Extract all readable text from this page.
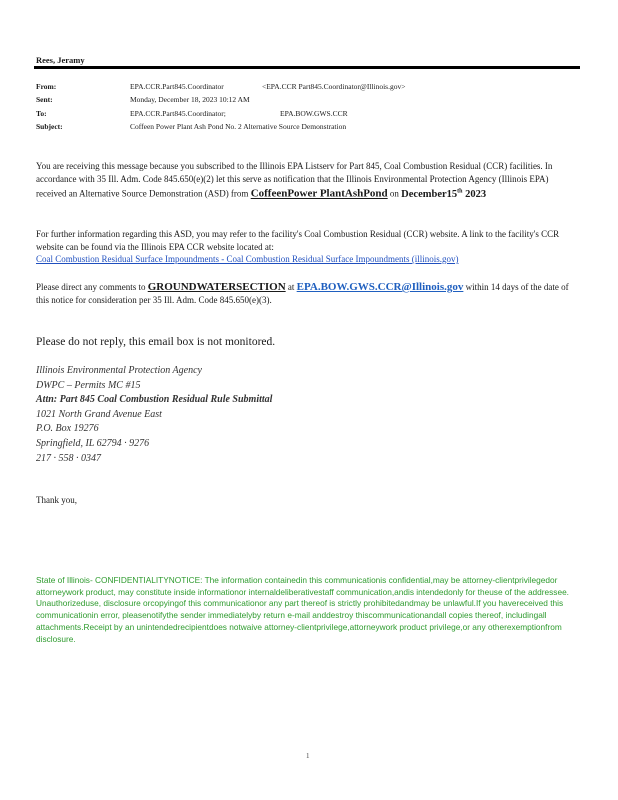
Rees, Jeramy
From:	EPA.CCR.Part845.Coordinator	<EPA.CCR Part845.Coordinator@Illinois.gov>
Sent:	Monday, December 18, 2023 10:12 AM
To:	EPA.CCR.Part845.Coordinator;	EPA.BOW.GWS.CCR
Subject:	Coffeen Power Plant Ash Pond No. 2 Alternative Source Demonstration
You are receiving this message because you subscribed to the Illinois EPA Listserv for Part 845, Coal Combustion Residual (CCR) facilities. In accordance with 35 Ill. Adm. Code 845.650(e)(2) let this serve as notification that the Illinois Environmental Protection Agency (Illinois EPA) received an Alternative Source Demonstration (ASD) from CoffeenPower PlantAshPond on December15th 2023
For further information regarding this ASD, you may refer to the facility's Coal Combustion Residual (CCR) website. A link to the facility's CCR website can be found via the Illinois EPA CCR website located at:
Coal Combustion Residual Surface Impoundments - Coal Combustion Residual Surface Impoundments (illinois.gov)
Please direct any comments to GROUNDWATERSECTION at EPA.BOW.GWS.CCR@Illinois.gov within 14 days of the date of this notice for consideration per 35 Ill. Adm. Code 845.650(e)(3).
Please do not reply, this email box is not monitored.
Illinois Environmental Protection Agency
DWPC – Permits MC #15
Attn: Part 845 Coal Combustion Residual Rule Submittal
1021 North Grand Avenue East
P.O. Box 19276
Springfield, IL 62794 · 9276
217 · 558 · 0347
Thank you,
State of Illinois- CONFIDENTIALITYNOTICE: The information containedin this communicationis confidential,may be attorney-clientprivilegedor attorneywork product, may constitute inside informationor internaldeliberativestaff communication,andis intendedonly for theuse of the addressee. Unauthorizeduse, disclosure orcopyingof this communicationor any part thereof is strictly prohibitedandmay be unlawful.If you havereceived this communicationin error, pleasenotifythe sender immediatelyby return e-mail anddestroy thiscommunicationandall copies thereof, includingall attachments.Receipt by an unintendedrecipientdoes notwaive attorney-clientprivilege,attorneywork product privilege,or any otherexemptionfrom disclosure.
1
